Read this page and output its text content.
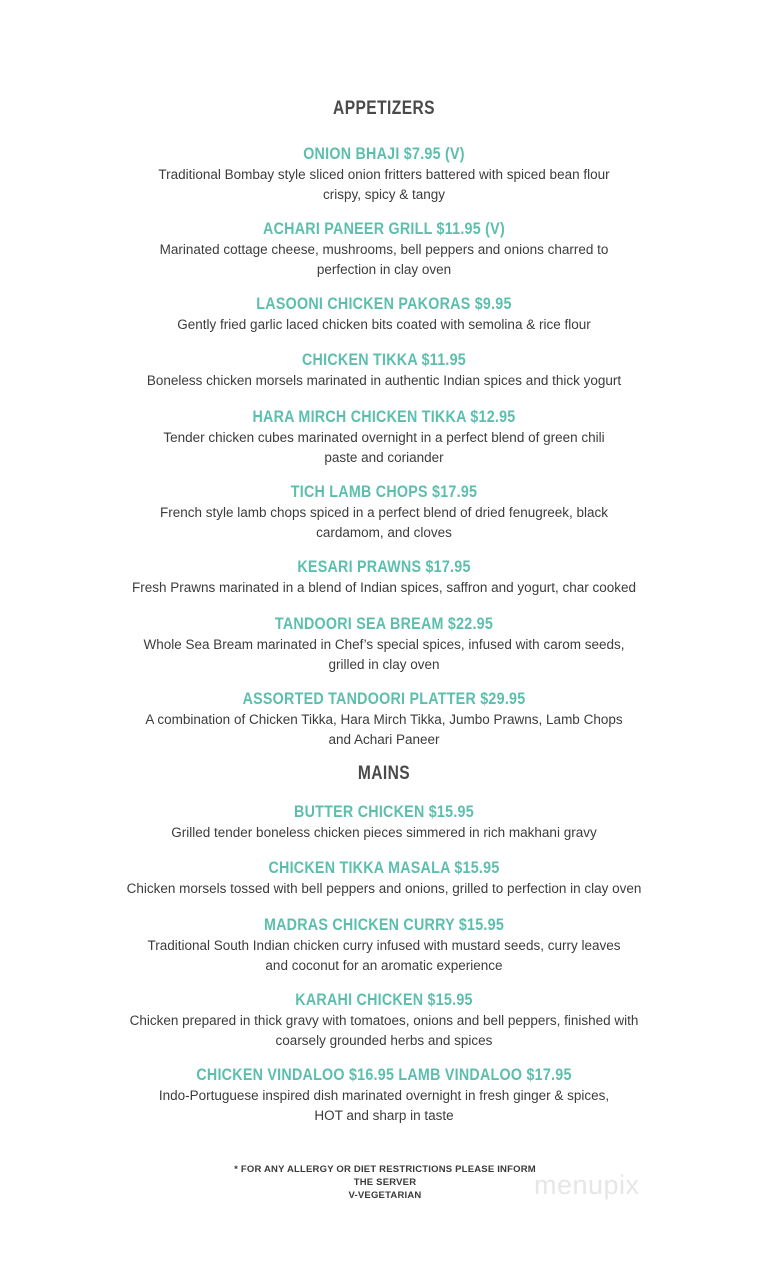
APPETIZERS
ONION BHAJI $7.95 (V)
Traditional Bombay style sliced onion fritters battered with spiced bean flour
crispy, spicy & tangy
ACHARI PANEER GRILL $11.95 (V)
Marinated cottage cheese, mushrooms, bell peppers and onions charred to
perfection in clay oven
LASOONI CHICKEN PAKORAS $9.95
Gently fried garlic laced chicken bits coated with semolina & rice flour
CHICKEN TIKKA $11.95
Boneless chicken morsels marinated in authentic Indian spices and thick yogurt
HARA MIRCH CHICKEN TIKKA $12.95
Tender chicken cubes marinated overnight in a perfect blend of green chili
paste and coriander
TICH LAMB CHOPS $17.95
French style lamb chops spiced in a perfect blend of dried fenugreek, black
cardamom, and cloves
KESARI PRAWNS $17.95
Fresh Prawns marinated in a blend of Indian spices, saffron and yogurt, char cooked
TANDOORI SEA BREAM $22.95
Whole Sea Bream marinated in Chef’s special spices, infused with carom seeds,
grilled in clay oven
ASSORTED TANDOORI PLATTER $29.95
A combination of Chicken Tikka, Hara Mirch Tikka, Jumbo Prawns, Lamb Chops
and Achari Paneer
MAINS
BUTTER CHICKEN $15.95
Grilled tender boneless chicken pieces simmered in rich makhani gravy
CHICKEN TIKKA MASALA $15.95
Chicken morsels tossed with bell peppers and onions, grilled to perfection in clay oven
MADRAS CHICKEN CURRY $15.95
Traditional South Indian chicken curry infused with mustard seeds, curry leaves
and coconut for an aromatic experience
KARAHI CHICKEN $15.95
Chicken prepared in thick gravy with tomatoes, onions and bell peppers, finished with
coarsely grounded herbs and spices
CHICKEN VINDALOO $16.95 LAMB VINDALOO $17.95
Indo-Portuguese inspired dish marinated overnight in fresh ginger & spices,
HOT and sharp in taste
* FOR ANY ALLERGY OR DIET RESTRICTIONS PLEASE INFORM THE SERVER
V-VEGETARIAN	menupix
